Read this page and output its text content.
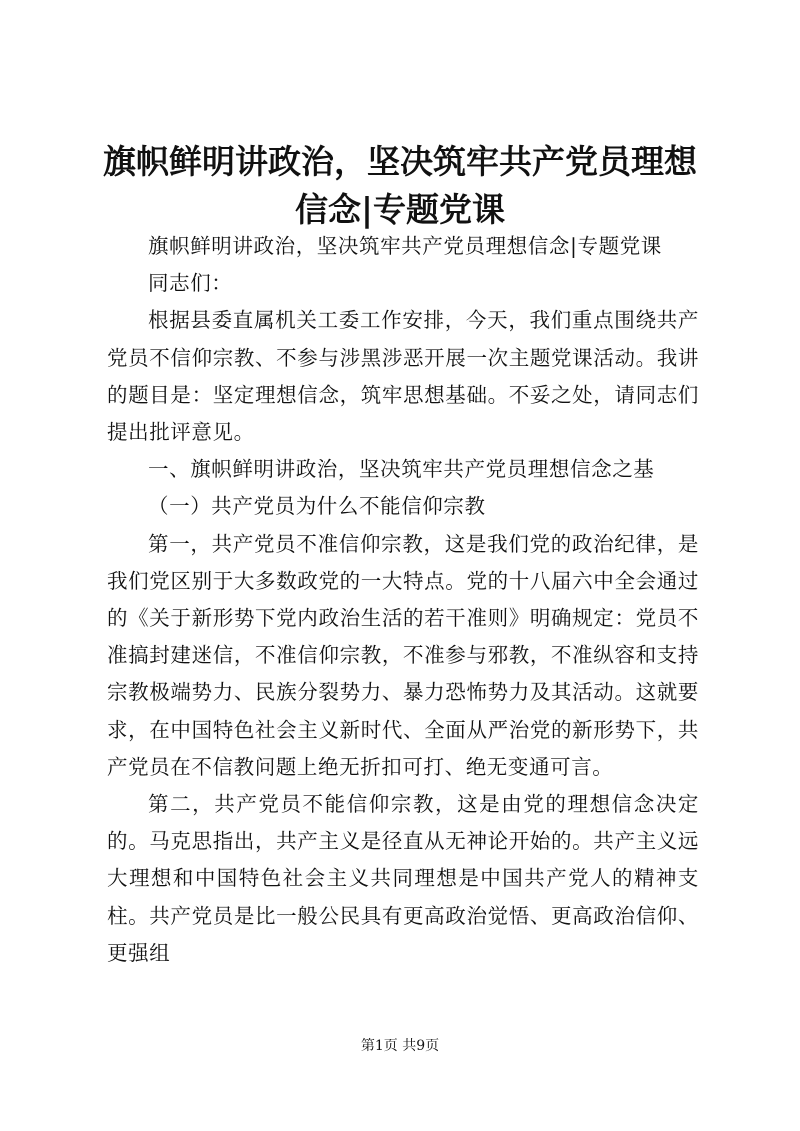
旗帜鲜明讲政治，坚决筑牢共产党员理想信念|专题党课

旗帜鲜明讲政治，坚决筑牢共产党员理想信念|专题党课

同志们：

根据县委直属机关工委工作安排，今天，我们重点围绕共产党员不信仰宗教、不参与涉黑涉恶开展一次主题党课活动。我讲的题目是：坚定理想信念，筑牢思想基础。不妥之处，请同志们提出批评意见。

一、旗帜鲜明讲政治，坚决筑牢共产党员理想信念之基

（一）共产党员为什么不能信仰宗教

第一，共产党员不准信仰宗教，这是我们党的政治纪律，是我们党区别于大多数政党的一大特点。党的十八届六中全会通过的《关于新形势下党内政治生活的若干准则》明确规定：党员不准搞封建迷信，不准信仰宗教，不准参与邪教，不准纵容和支持宗教极端势力、民族分裂势力、暴力恐怖势力及其活动。这就要求，在中国特色社会主义新时代、全面从严治党的新形势下，共产党员在不信教问题上绝无折扣可打、绝无变通可言。

第二，共产党员不能信仰宗教，这是由党的理想信念决定的。马克思指出，共产主义是径直从无神论开始的。共产主义远大理想和中国特色社会主义共同理想是中国共产党人的精神支柱。共产党员是比一般公民具有更高政治觉悟、更高政治信仰、更强组

第1页 共9页
